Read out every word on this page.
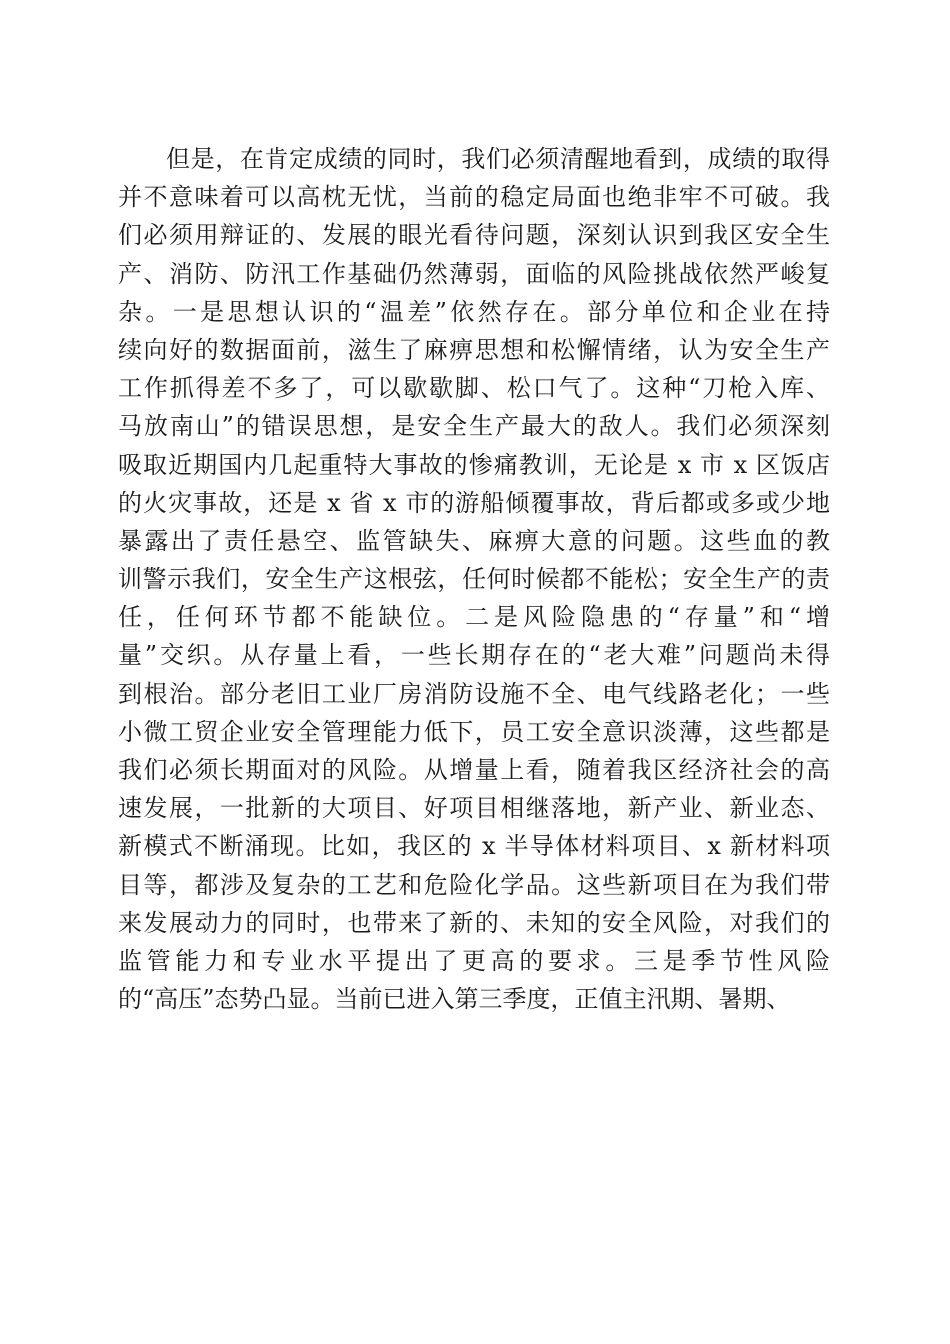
但是，在肯定成绩的同时，我们必须清醒地看到，成绩的取得
并不意味着可以高枕无忧，当前的稳定局面也绝非牢不可破。我
们必须用辩证的、发展的眼光看待问题，深刻认识到我区安全生
产、消防、防汛工作基础仍然薄弱，面临的风险挑战依然严峻复
杂。一是思想认识的“温差”依然存在。部分单位和企业在持
续向好的数据面前，滋生了麻痹思想和松懈情绪，认为安全生产
工作抓得差不多了，可以歇歇脚、松口气了。这种“刀枪入库、
马放南山”的错误思想，是安全生产最大的敌人。我们必须深刻
吸取近期国内几起重特大事故的惨痛教训，无论是 x 市 x 区饭店
的火灾事故，还是 x 省 x 市的游船倾覆事故，背后都或多或少地
暴露出了责任悬空、监管缺失、麻痹大意的问题。这些血的教
训警示我们，安全生产这根弦，任何时候都不能松；安全生产的责
任，任何环节都不能缺位。二是风险隐患的“存量”和“增
量”交织。从存量上看，一些长期存在的“老大难”问题尚未得
到根治。部分老旧工业厂房消防设施不全、电气线路老化；一些
小微工贸企业安全管理能力低下，员工安全意识淡薄，这些都是
我们必须长期面对的风险。从增量上看，随着我区经济社会的高
速发展，一批新的大项目、好项目相继落地，新产业、新业态、
新模式不断涌现。比如，我区的 x 半导体材料项目、x 新材料项
目等，都涉及复杂的工艺和危险化学品。这些新项目在为我们带
来发展动力的同时，也带来了新的、未知的安全风险，对我们的
监管能力和专业水平提出了更高的要求。三是季节性风险
的“高压”态势凸显。当前已进入第三季度，正值主汛期、暑期、
